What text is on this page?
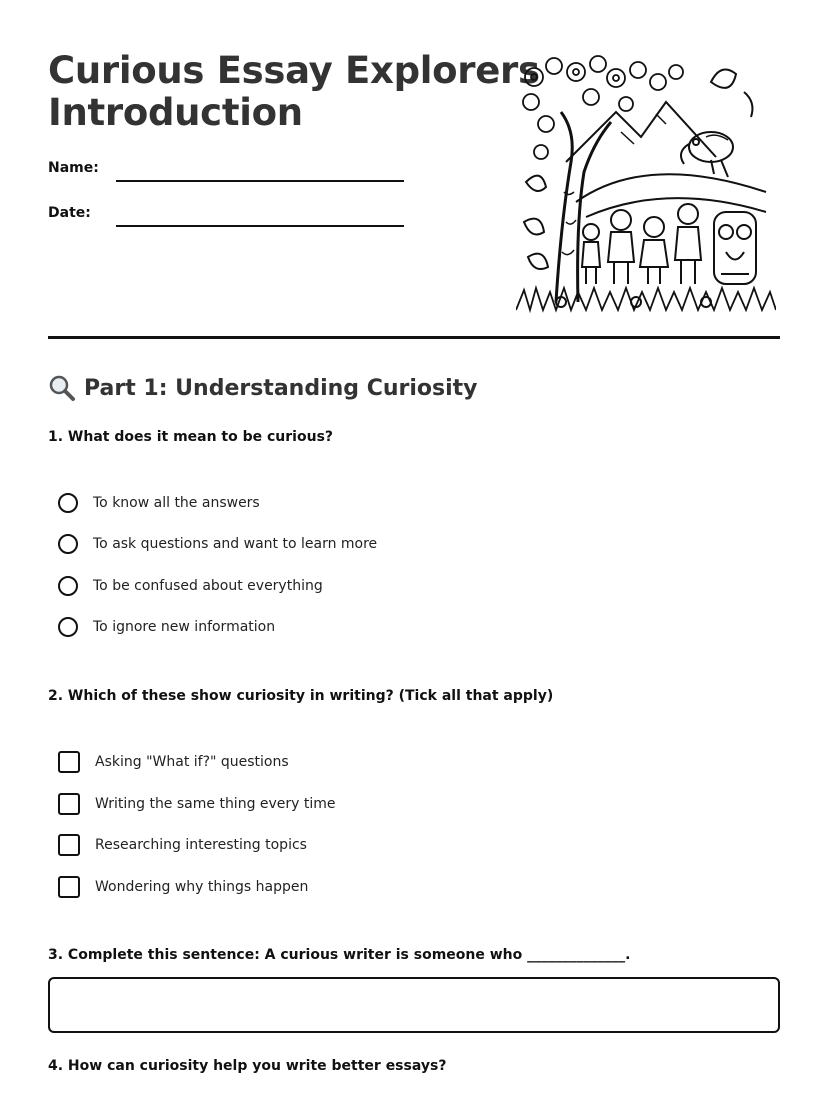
Curious Essay Explorers
Introduction
Name:
Date:
Part 1: Understanding Curiosity
1. What does it mean to be curious?
To know all the answers
To ask questions and want to learn more
To be confused about everything
To ignore new information
2. Which of these show curiosity in writing? (Tick all that apply)
Asking "What if?" questions
Writing the same thing every time
Researching interesting topics
Wondering why things happen
3. Complete this sentence: A curious writer is someone who ______________.
4. How can curiosity help you write better essays?
